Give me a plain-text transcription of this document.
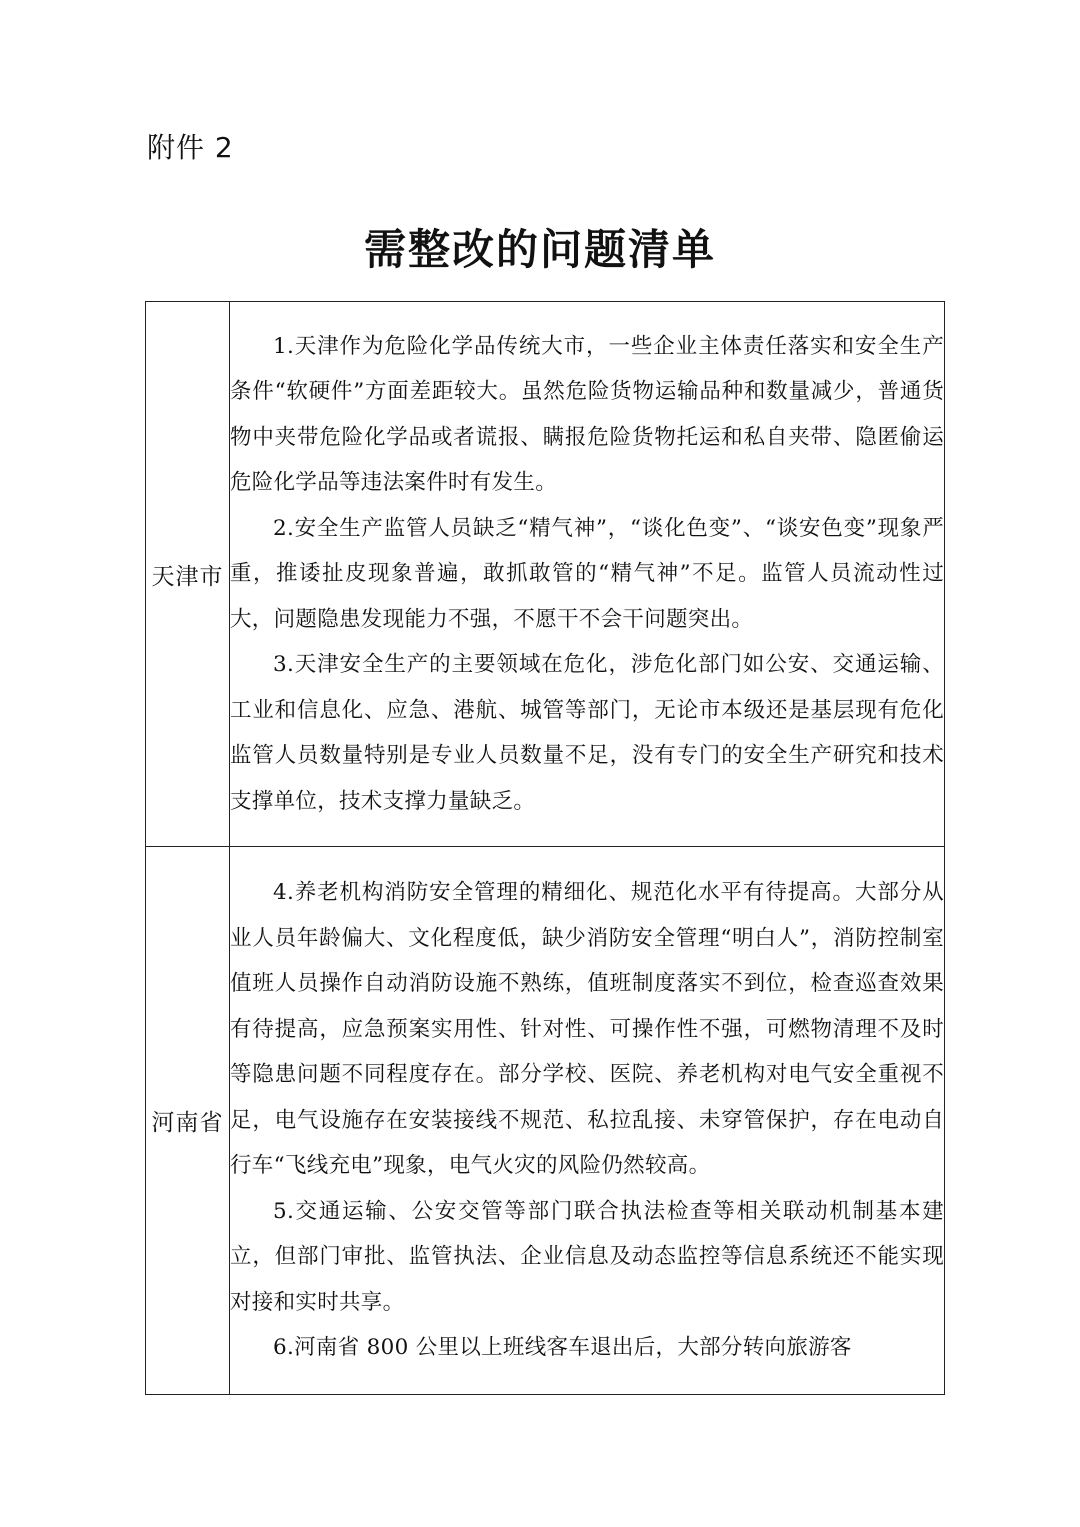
附件 2
需整改的问题清单
天津市	1.天津作为危险化学品传统大市，一些企业主体责任落实和安全生产条件“软硬件”方面差距较大。虽然危险货物运输品种和数量减少，普通货物中夹带危险化学品或者谎报、瞒报危险货物托运和私自夹带、隐匿偷运危险化学品等违法案件时有发生。

2.安全生产监管人员缺乏“精气神”，“谈化色变”、“谈安色变”现象严重，推诿扯皮现象普遍，敢抓敢管的“精气神”不足。监管人员流动性过大，问题隐患发现能力不强，不愿干不会干问题突出。

3.天津安全生产的主要领域在危化，涉危化部门如公安、交通运输、工业和信息化、应急、港航、城管等部门，无论市本级还是基层现有危化监管人员数量特别是专业人员数量不足，没有专门的安全生产研究和技术支撑单位，技术支撑力量缺乏。

河南省	4.养老机构消防安全管理的精细化、规范化水平有待提高。大部分从业人员年龄偏大、文化程度低，缺少消防安全管理“明白人”，消防控制室值班人员操作自动消防设施不熟练，值班制度落实不到位，检查巡查效果有待提高，应急预案实用性、针对性、可操作性不强，可燃物清理不及时等隐患问题不同程度存在。部分学校、医院、养老机构对电气安全重视不足，电气设施存在安装接线不规范、私拉乱接、未穿管保护，存在电动自行车“飞线充电”现象，电气火灾的风险仍然较高。

5.交通运输、公安交管等部门联合执法检查等相关联动机制基本建立，但部门审批、监管执法、企业信息及动态监控等信息系统还不能实现对接和实时共享。

6.河南省 800 公里以上班线客车退出后，大部分转向旅游客
